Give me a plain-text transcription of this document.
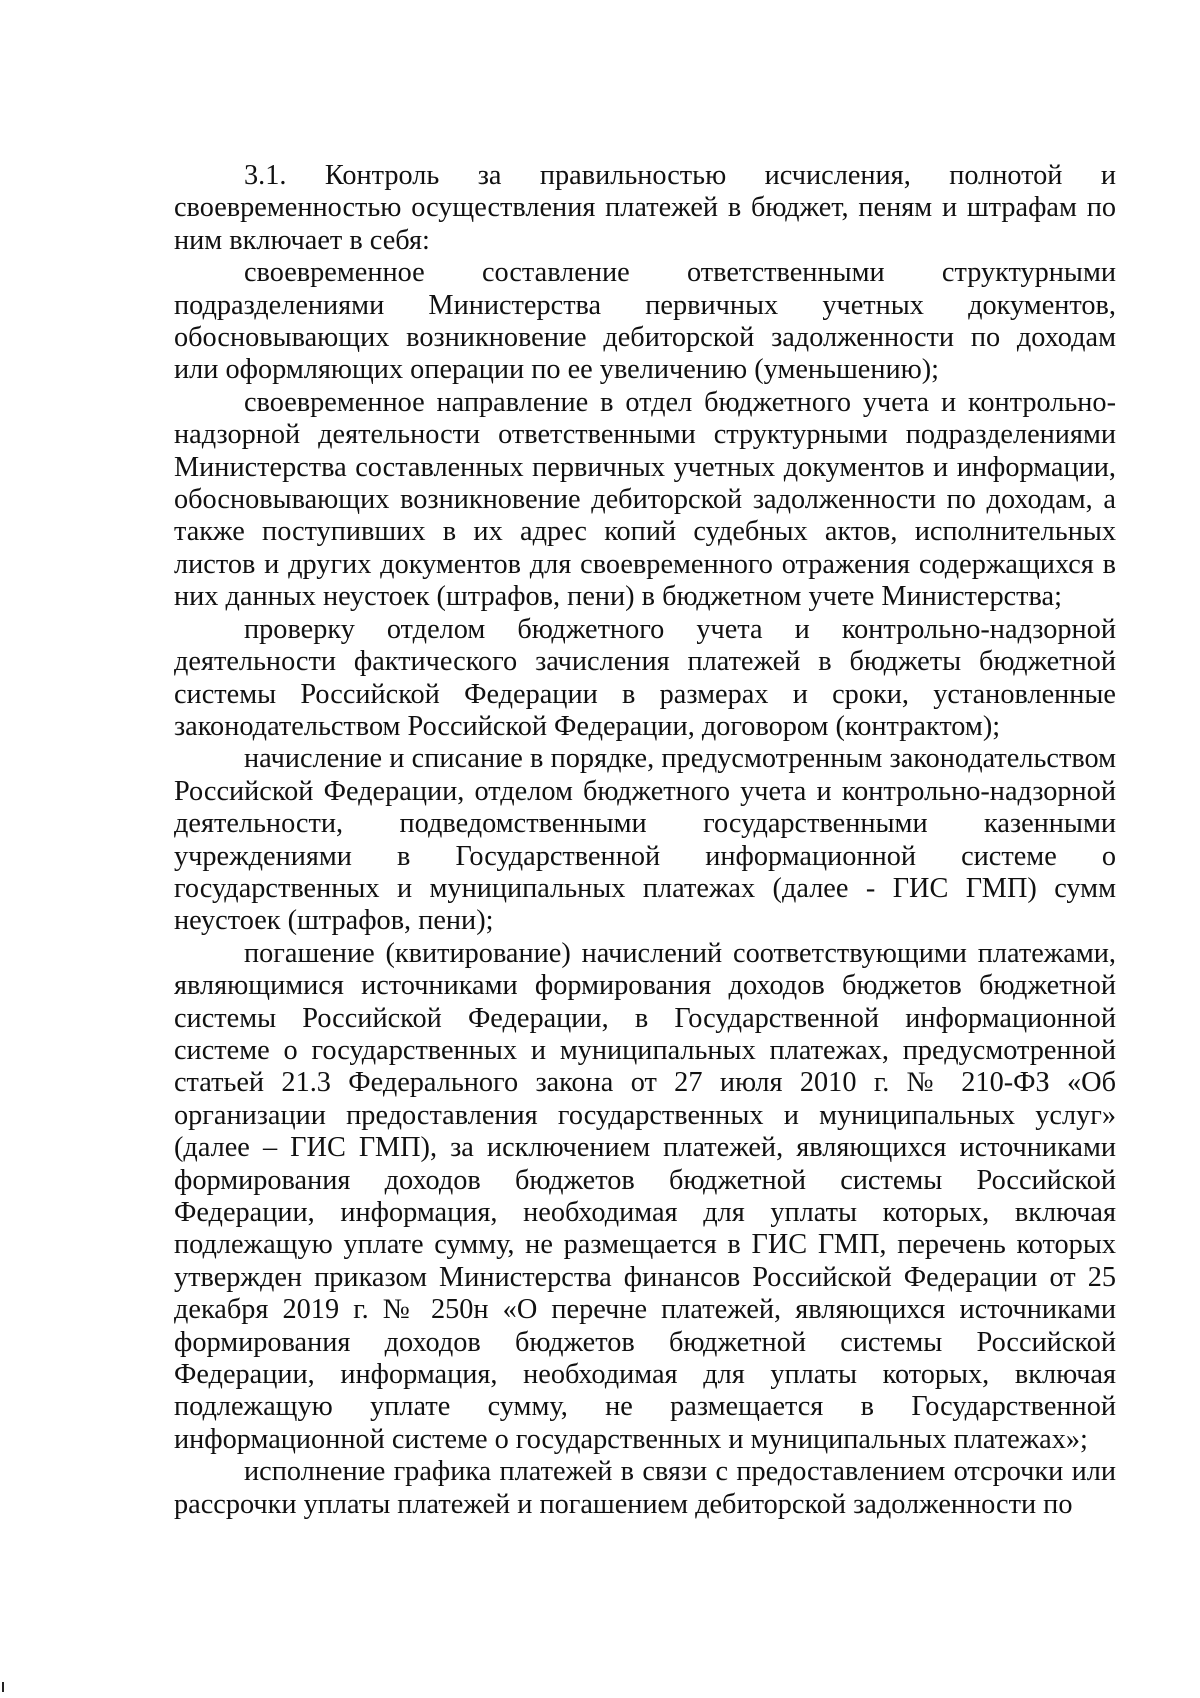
3.1. Контроль за правильностью исчисления, полнотой и своевременностью осуществления платежей в бюджет, пеням и штрафам по ним включает в себя:

своевременное составление ответственными структурными подразделениями Министерства первичных учетных документов, обосновывающих возникновение дебиторской задолженности по доходам или оформляющих операции по ее увеличению (уменьшению);

своевременное направление в отдел бюджетного учета и контрольно-надзорной деятельности ответственными структурными подразделениями Министерства составленных первичных учетных документов и информации, обосновывающих возникновение дебиторской задолженности по доходам, а также поступивших в их адрес копий судебных актов, исполнительных листов и других документов для своевременного отражения содержащихся в них данных неустоек (штрафов, пени) в бюджетном учете Министерства;

проверку отделом бюджетного учета и контрольно-надзорной деятельности фактического зачисления платежей в бюджеты бюджетной системы Российской Федерации в размерах и сроки, установленные законодательством Российской Федерации, договором (контрактом);

начисление и списание в порядке, предусмотренным законодательством Российской Федерации, отделом бюджетного учета и контрольно-надзорной деятельности, подведомственными государственными казенными учреждениями в Государственной информационной системе о государственных и муниципальных платежах (далее - ГИС ГМП) сумм неустоек (штрафов, пени);

погашение (квитирование) начислений соответствующими платежами, являющимися источниками формирования доходов бюджетов бюджетной системы Российской Федерации, в Государственной информационной системе о государственных и муниципальных платежах, предусмотренной статьей 21.3 Федерального закона от 27 июля 2010 г. № 210-ФЗ «Об организации предоставления государственных и муниципальных услуг» (далее – ГИС ГМП), за исключением платежей, являющихся источниками формирования доходов бюджетов бюджетной системы Российской Федерации, информация, необходимая для уплаты которых, включая подлежащую уплате сумму, не размещается в ГИС ГМП, перечень которых утвержден приказом Министерства финансов Российской Федерации от 25 декабря 2019 г. № 250н «О перечне платежей, являющихся источниками формирования доходов бюджетов бюджетной системы Российской Федерации, информация, необходимая для уплаты которых, включая подлежащую уплате сумму, не размещается в Государственной информационной системе о государственных и муниципальных платежах»;

исполнение графика платежей в связи с предоставлением отсрочки или рассрочки уплаты платежей и погашением дебиторской задолженности по
